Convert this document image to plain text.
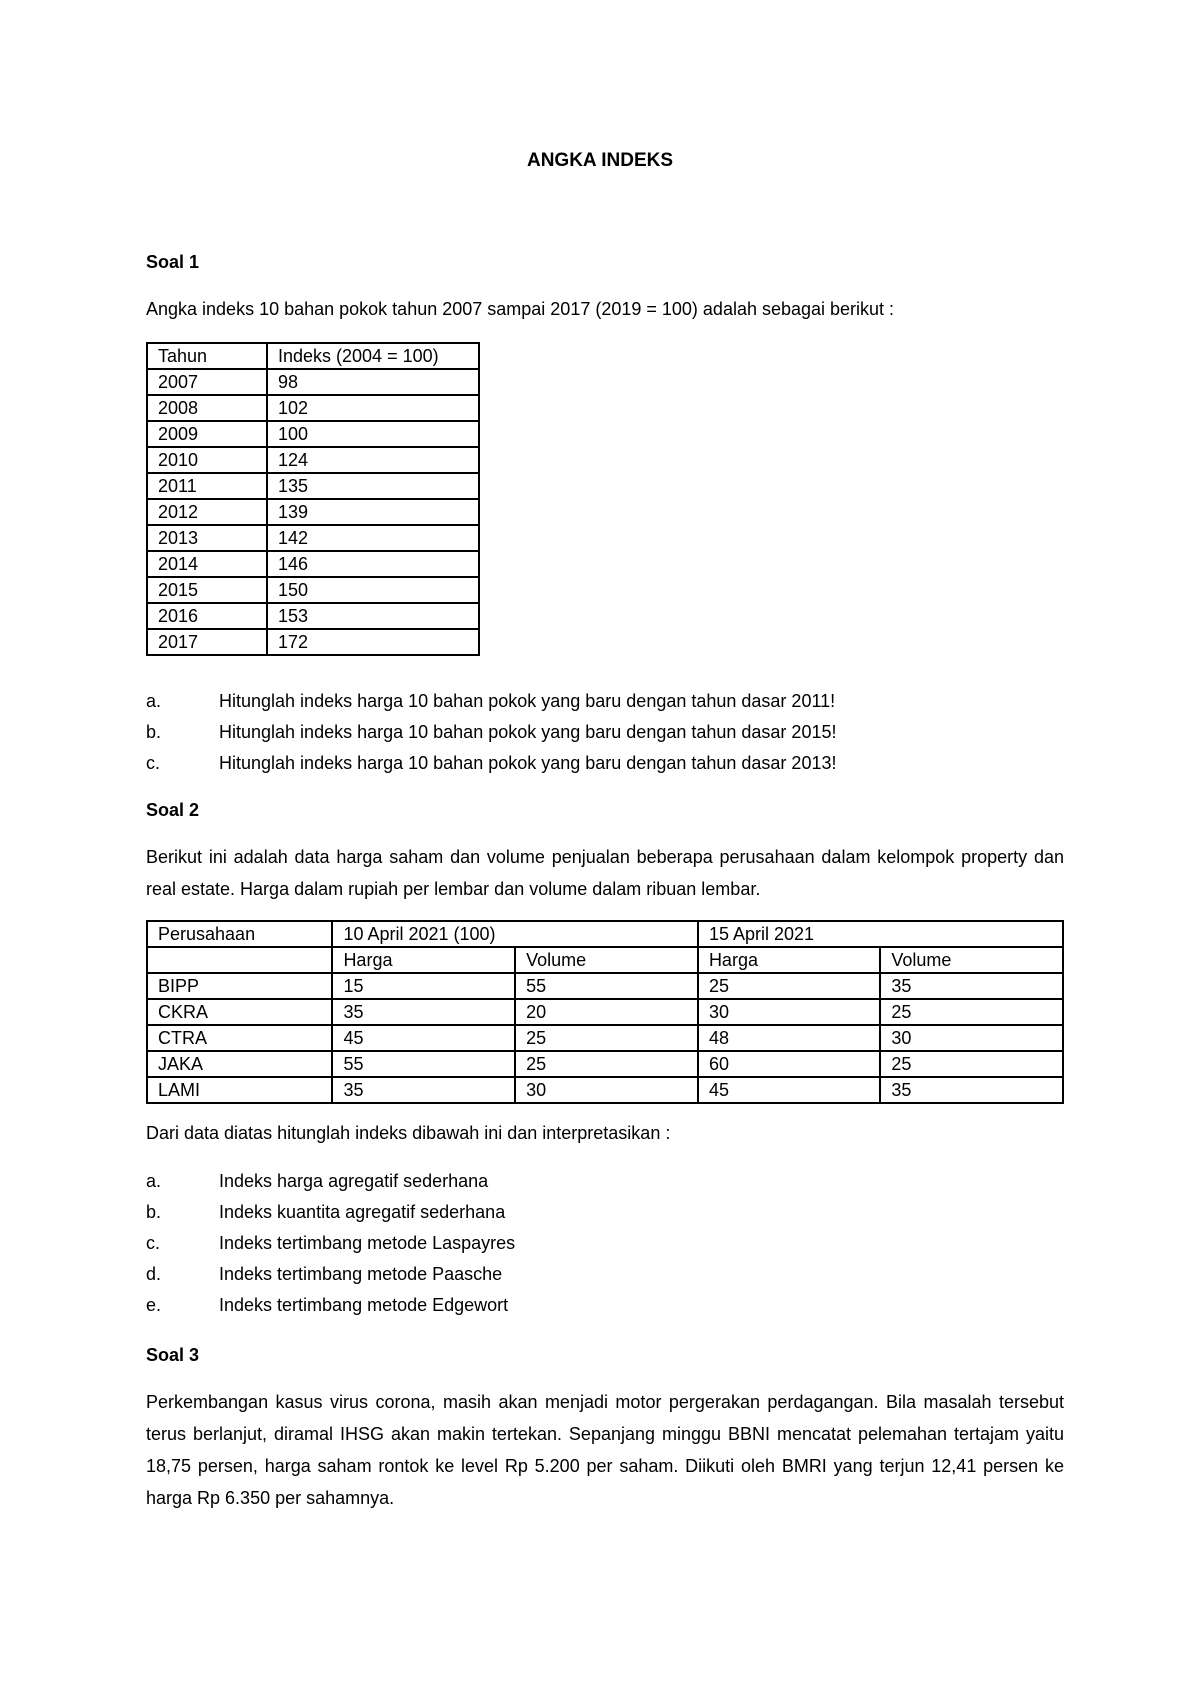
ANGKA INDEKS
Soal 1
Angka indeks 10 bahan pokok tahun 2007 sampai 2017 (2019 = 100) adalah sebagai berikut :
Tahun	Indeks (2004 = 100)
2007	98
2008	102
2009	100
2010	124
2011	135
2012	139
2013	142
2014	146
2015	150
2016	153
2017	172
a.	Hitunglah indeks harga 10 bahan pokok yang baru dengan tahun dasar 2011!
b.	Hitunglah indeks harga 10 bahan pokok yang baru dengan tahun dasar 2015!
c.	Hitunglah indeks harga 10 bahan pokok yang baru dengan tahun dasar 2013!
Soal 2
Berikut ini adalah data harga saham dan volume penjualan beberapa perusahaan dalam kelompok property dan real estate. Harga dalam rupiah per lembar dan volume dalam ribuan lembar.
Perusahaan	10 April 2021 (100)		15 April 2021	
	Harga	Volume	Harga	Volume
BIPP	15	55	25	35
CKRA	35	20	30	25
CTRA	45	25	48	30
JAKA	55	25	60	25
LAMI	35	30	45	35
Dari data diatas hitunglah indeks dibawah ini dan interpretasikan :
a.	Indeks harga agregatif sederhana
b.	Indeks kuantita agregatif sederhana
c.	Indeks tertimbang metode Laspayres
d.	Indeks tertimbang metode Paasche
e.	Indeks tertimbang metode Edgewort
Soal 3
Perkembangan kasus virus corona, masih akan menjadi motor pergerakan perdagangan. Bila masalah tersebut terus berlanjut, diramal IHSG akan makin tertekan. Sepanjang minggu BBNI mencatat pelemahan tertajam yaitu 18,75 persen, harga saham rontok ke level Rp 5.200 per saham. Diikuti oleh BMRI yang terjun 12,41 persen ke harga Rp 6.350 per sahamnya.
